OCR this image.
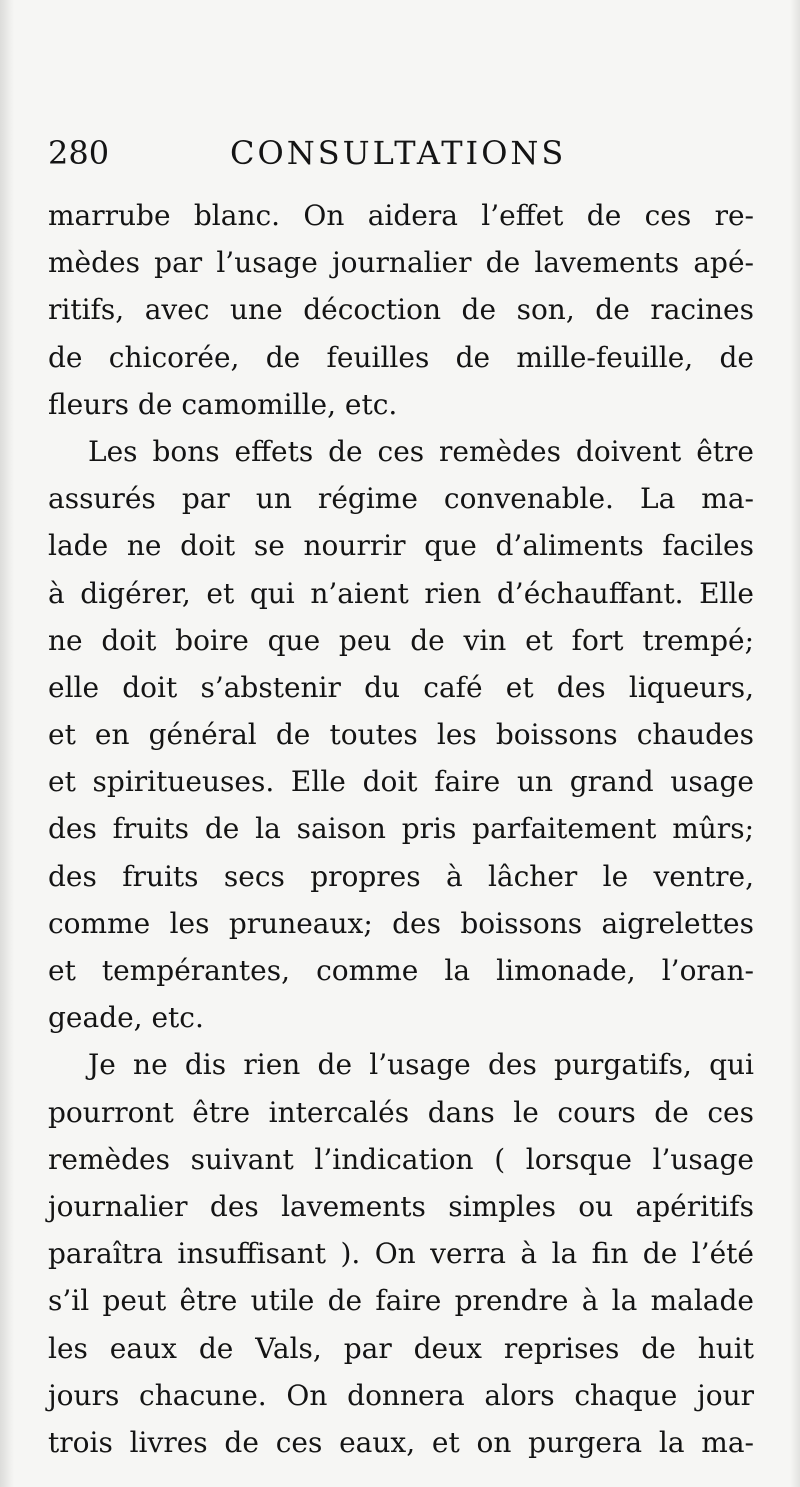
280	CONSULTATIONS
marrube blanc. On aidera l’effet de ces re-
mèdes par l’usage journalier de lavements apé-
ritifs, avec une décoction de son, de racines
de chicorée, de feuilles de mille-feuille, de
fleurs de camomille, etc.
Les bons effets de ces remèdes doivent être
assurés par un régime convenable. La ma-
lade ne doit se nourrir que d’aliments faciles
à digérer, et qui n’aient rien d’échauffant. Elle
ne doit boire que peu de vin et fort trempé;
elle doit s’abstenir du café et des liqueurs,
et en général de toutes les boissons chaudes
et spiritueuses. Elle doit faire un grand usage
des fruits de la saison pris parfaitement mûrs;
des fruits secs propres à lâcher le ventre,
comme les pruneaux; des boissons aigrelettes
et tempérantes, comme la limonade, l’oran-
geade, etc.
Je ne dis rien de l’usage des purgatifs, qui
pourront être intercalés dans le cours de ces
remèdes suivant l’indication ( lorsque l’usage
journalier des lavements simples ou apéritifs
paraîtra insuffisant ). On verra à la fin de l’été
s’il peut être utile de faire prendre à la malade
les eaux de Vals, par deux reprises de huit
jours chacune. On donnera alors chaque jour
trois livres de ces eaux, et on purgera la ma-
